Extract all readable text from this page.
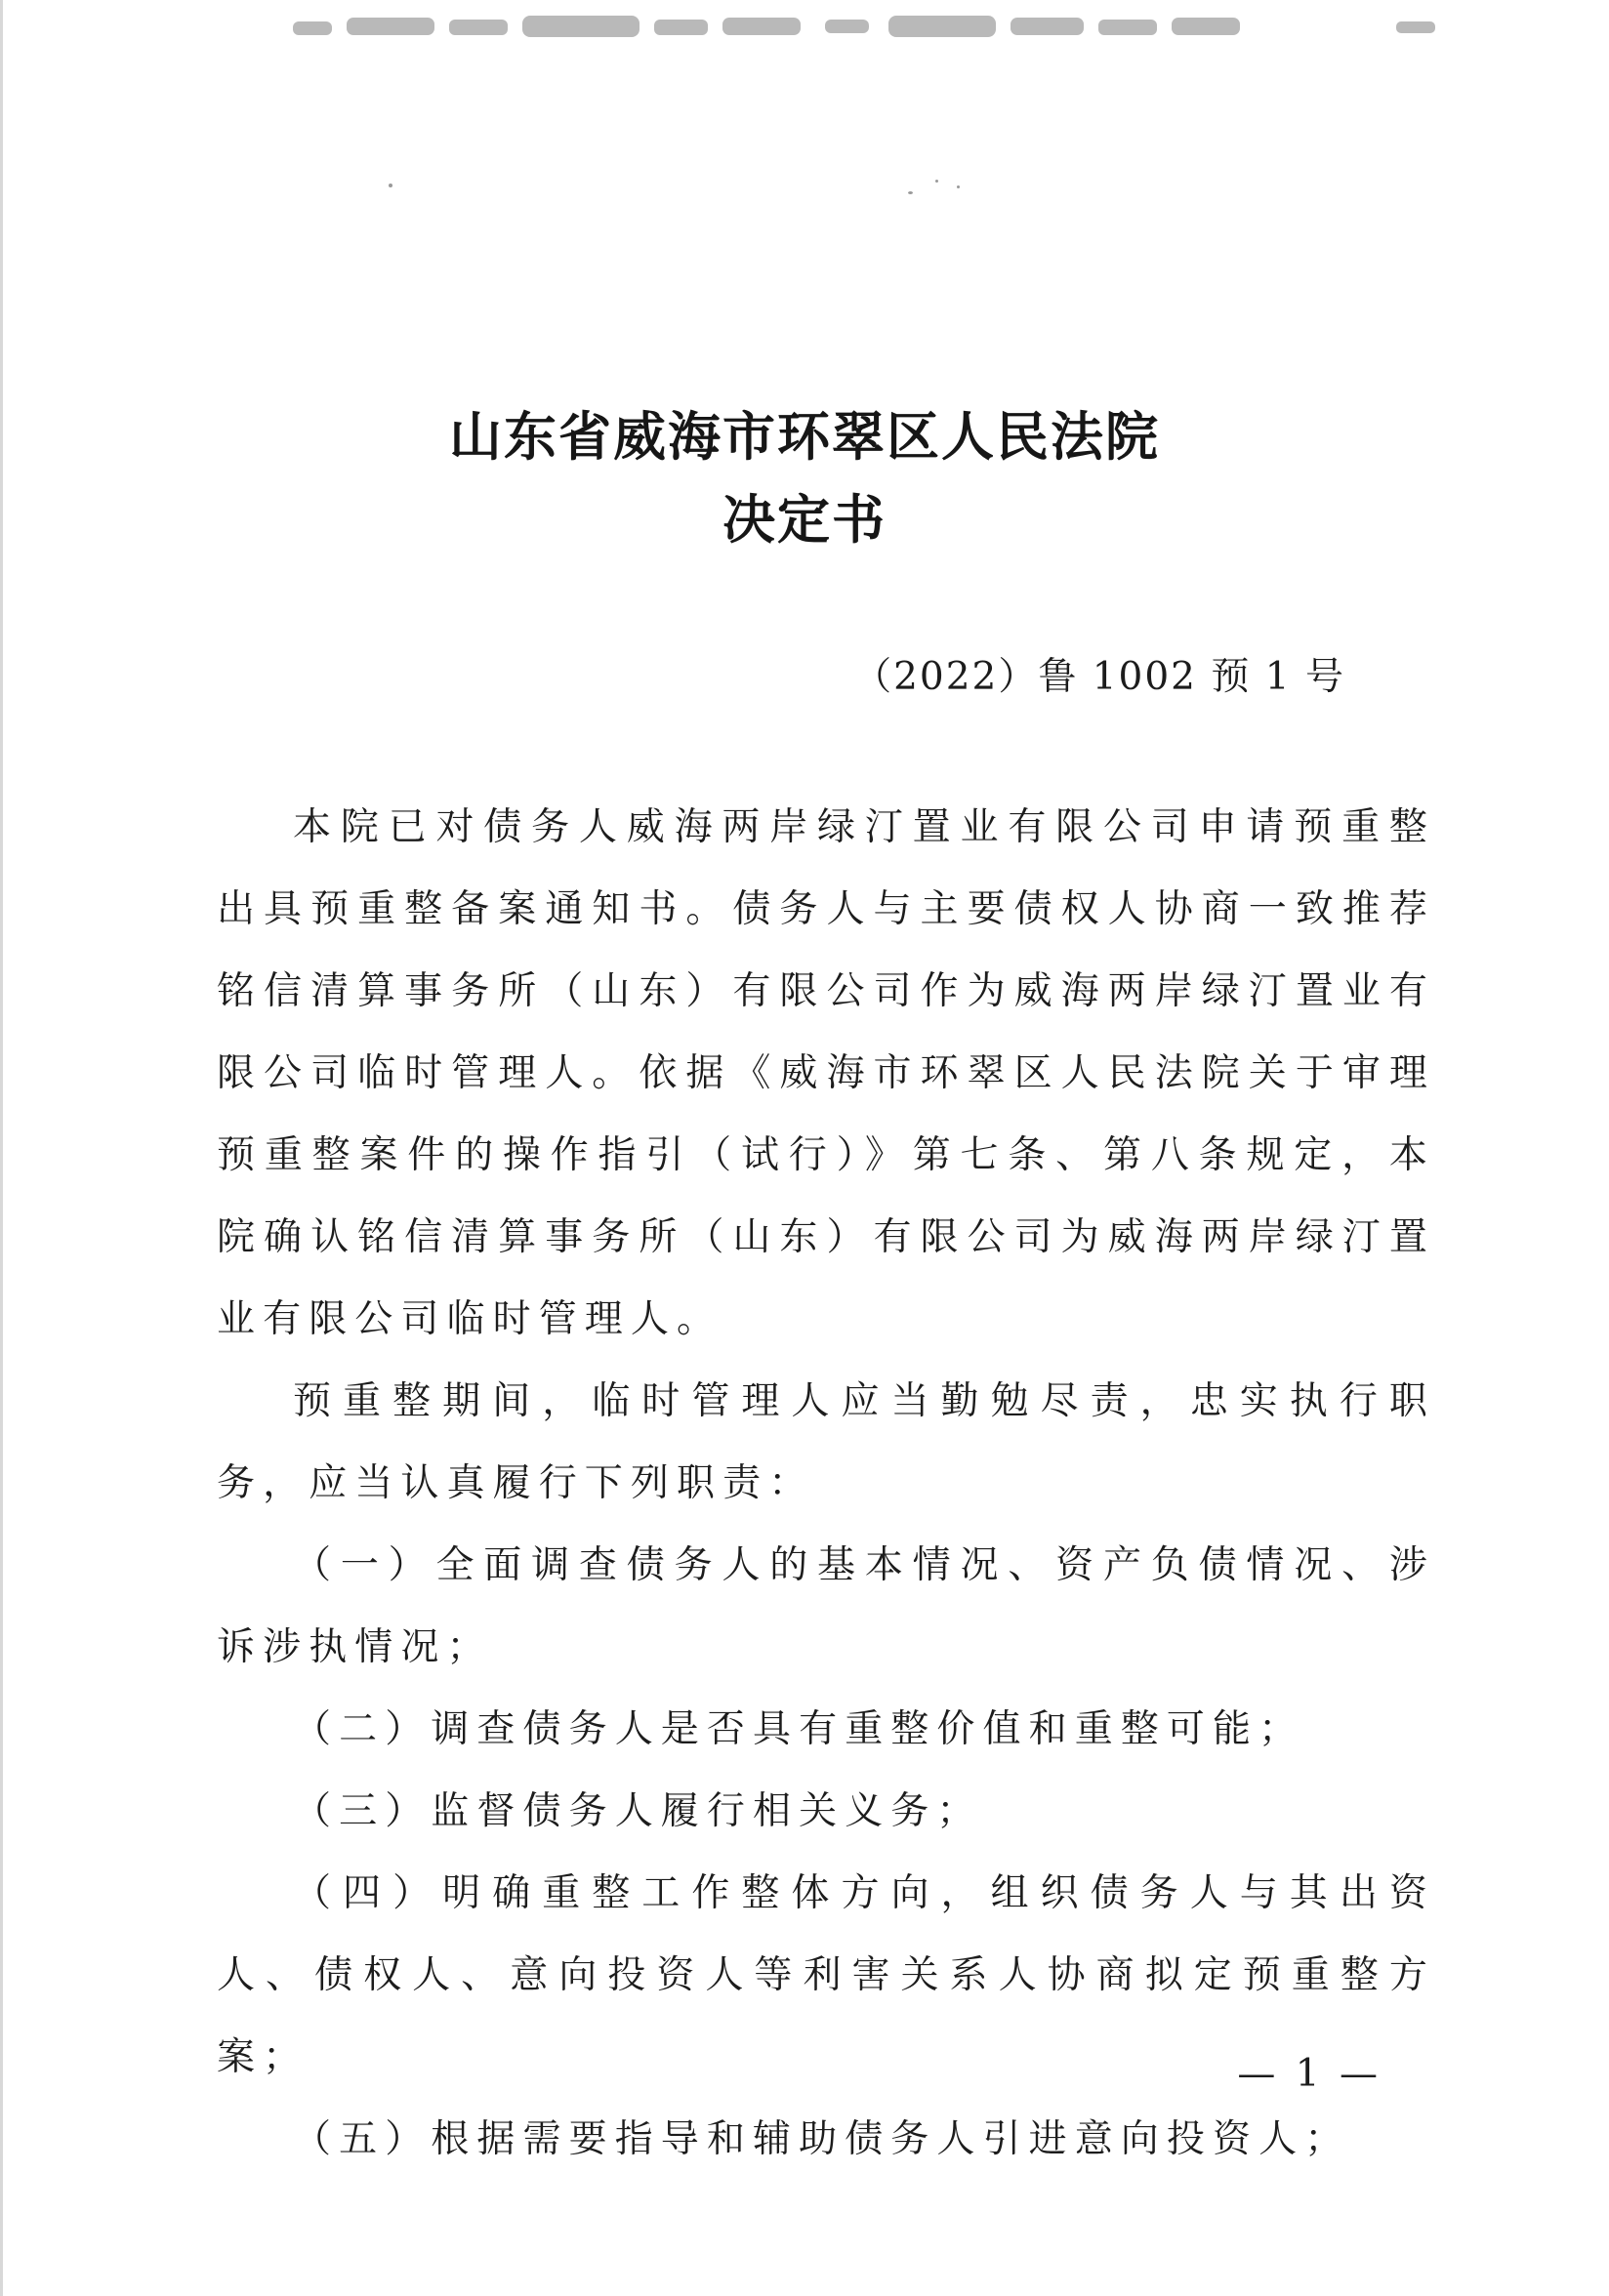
山东省威海市环翠区人民法院
决定书
（2022）鲁 1002 预 1 号

本院已对债务人威海两岸绿汀置业有限公司申请预重整出具预重整备案通知书。债务人与主要债权人协商一致推荐铭信清算事务所（山东）有限公司作为威海两岸绿汀置业有限公司临时管理人。依据《威海市环翠区人民法院关于审理预重整案件的操作指引（试行）》第七条、第八条规定，本院确认铭信清算事务所（山东）有限公司为威海两岸绿汀置业有限公司临时管理人。

预重整期间，临时管理人应当勤勉尽责，忠实执行职务，应当认真履行下列职责：

（一）全面调查债务人的基本情况、资产负债情况、涉诉涉执情况；

（二）调查债务人是否具有重整价值和重整可能；

（三）监督债务人履行相关义务；

（四）明确重整工作整体方向，组织债务人与其出资人、债权人、意向投资人等利害关系人协商拟定预重整方案；

（五）根据需要指导和辅助债务人引进意向投资人；

— 1 —
